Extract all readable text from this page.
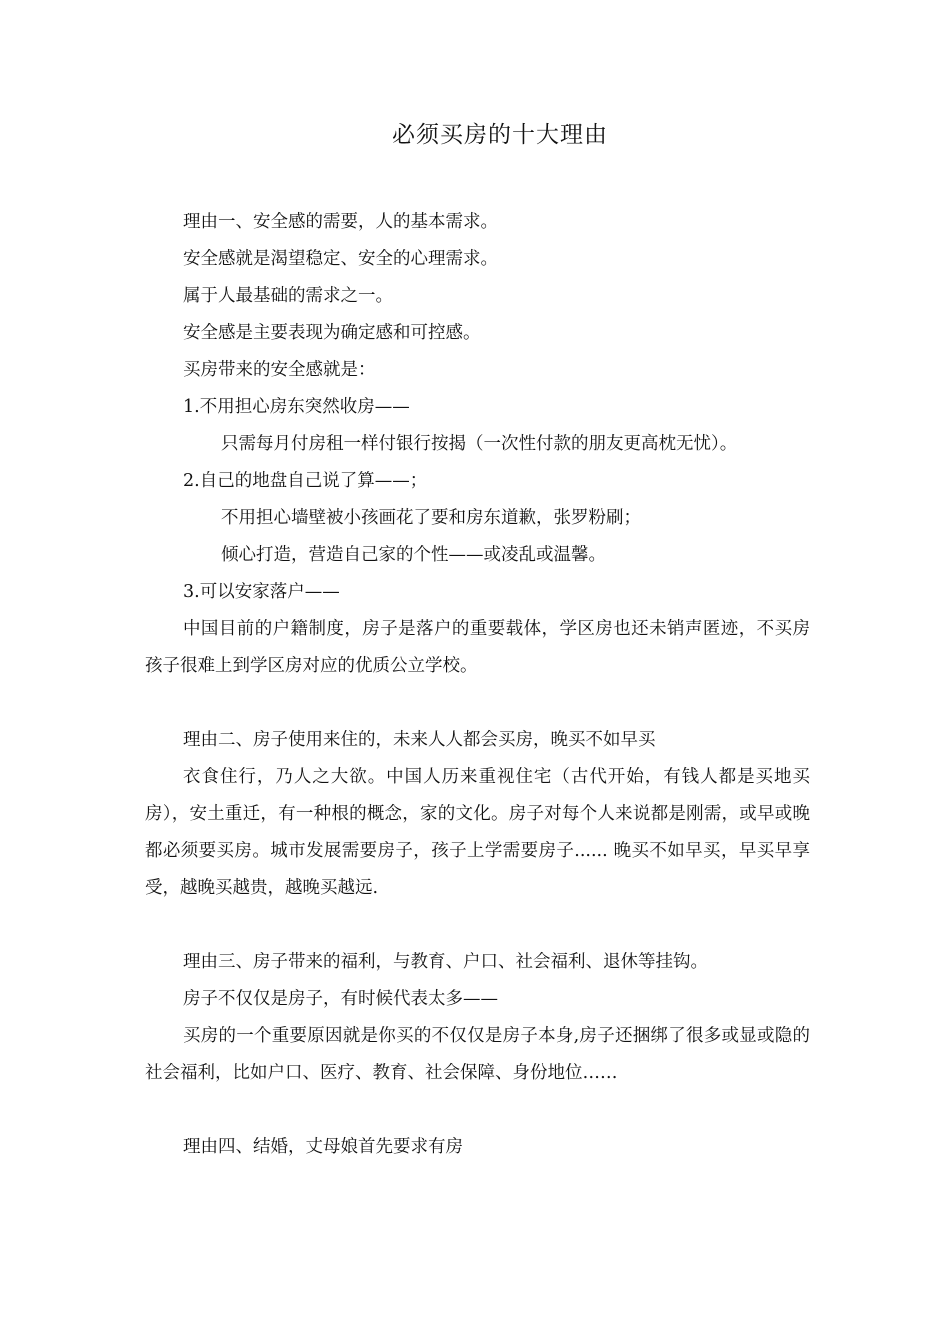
必须买房的十大理由

理由一、安全感的需要，人的基本需求。

安全感就是渴望稳定、安全的心理需求。

属于人最基础的需求之一。

安全感是主要表现为确定感和可控感。

买房带来的安全感就是：

1.不用担心房东突然收房——

只需每月付房租一样付银行按揭（一次性付款的朋友更高枕无忧）。

2.自己的地盘自己说了算——；

不用担心墙壁被小孩画花了要和房东道歉，张罗粉刷；

倾心打造，营造自己家的个性——或凌乱或温馨。

3.可以安家落户——

中国目前的户籍制度，房子是落户的重要载体，学区房也还未销声匿迹，不买房孩子很难上到学区房对应的优质公立学校。

理由二、房子使用来住的，未来人人都会买房，晚买不如早买

衣食住行，乃人之大欲。中国人历来重视住宅（古代开始，有钱人都是买地买房），安土重迁，有一种根的概念，家的文化。房子对每个人来说都是刚需，或早或晚都必须要买房。城市发展需要房子，孩子上学需要房子...... 晚买不如早买，早买早享受，越晚买越贵，越晚买越远.

理由三、房子带来的福利，与教育、户口、社会福利、退休等挂钩。

房子不仅仅是房子，有时候代表太多——

买房的一个重要原因就是你买的不仅仅是房子本身,房子还捆绑了很多或显或隐的社会福利，比如户口、医疗、教育、社会保障、身份地位……

理由四、结婚，丈母娘首先要求有房
